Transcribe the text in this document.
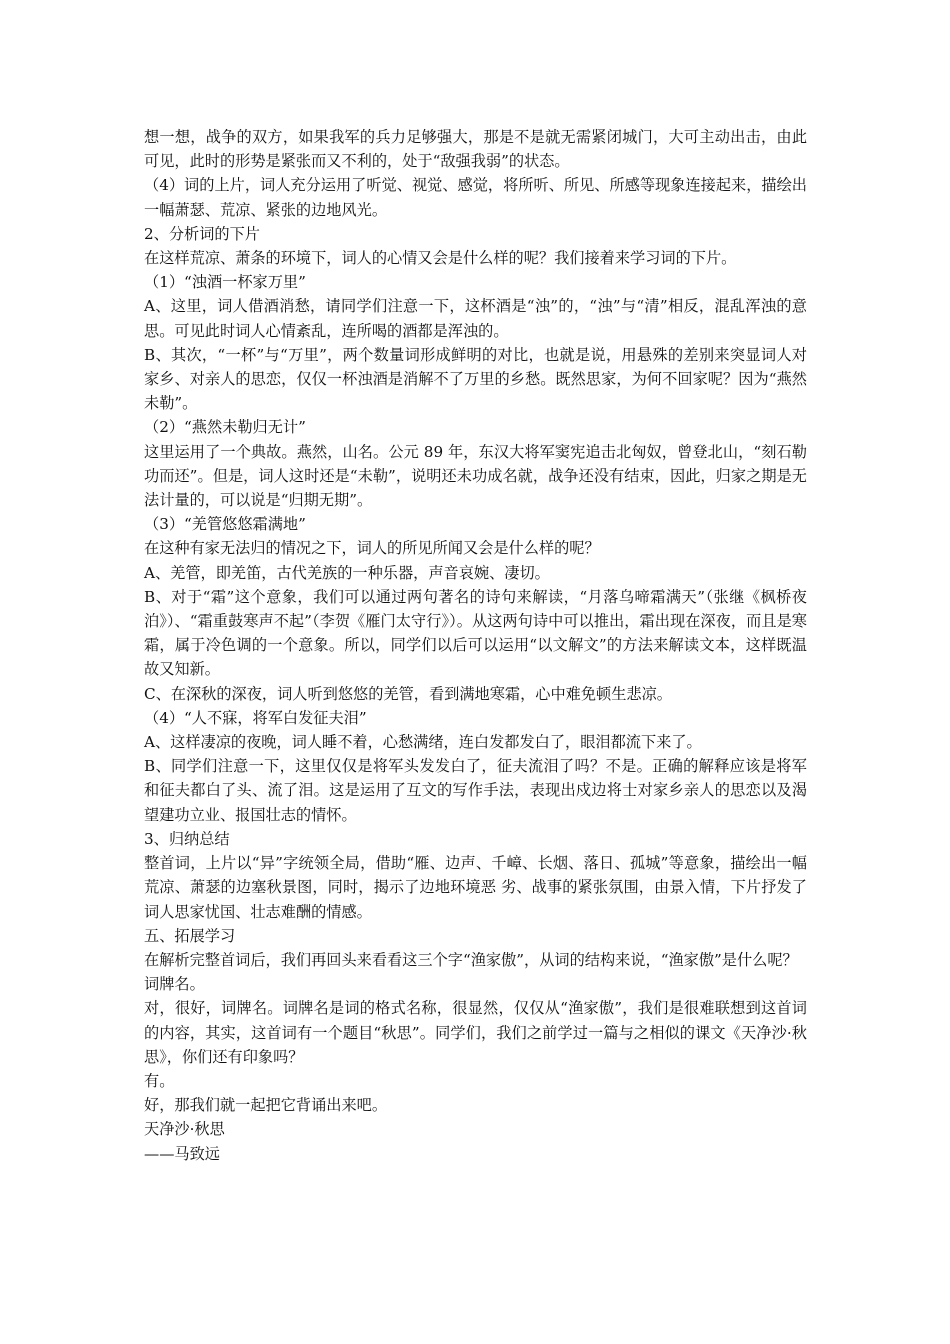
想一想，战争的双方，如果我军的兵力足够强大，那是不是就无需紧闭城门，大可主动出击，由此可见，此时的形势是紧张而又不利的，处于“敌强我弱”的状态。

（4）词的上片，词人充分运用了听觉、视觉、感觉，将所听、所见、所感等现象连接起来，描绘出一幅萧瑟、荒凉、紧张的边地风光。

2、分析词的下片

在这样荒凉、萧条的环境下，词人的心情又会是什么样的呢？我们接着来学习词的下片。

（1）“浊酒一杯家万里”

A、这里，词人借酒消愁，请同学们注意一下，这杯酒是“浊”的，“浊”与“清”相反，混乱浑浊的意思。可见此时词人心情紊乱，连所喝的酒都是浑浊的。

B、其次，“一杯”与“万里”，两个数量词形成鲜明的对比，也就是说，用悬殊的差别来突显词人对家乡、对亲人的思恋，仅仅一杯浊酒是消解不了万里的乡愁。既然思家，为何不回家呢？因为“燕然未勒”。

（2）“燕然未勒归无计”

这里运用了一个典故。燕然，山名。公元 89 年，东汉大将军窦宪追击北匈奴，曾登北山，“刻石勒功而还”。但是，词人这时还是“未勒”，说明还未功成名就，战争还没有结束，因此，归家之期是无法计量的，可以说是“归期无期”。

（3）“羌管悠悠霜满地”

在这种有家无法归的情况之下，词人的所见所闻又会是什么样的呢？

A、羌管，即羌笛，古代羌族的一种乐器，声音哀婉、凄切。

B、对于“霜”这个意象，我们可以通过两句著名的诗句来解读，“月落乌啼霜满天”（张继《枫桥夜泊》）、“霜重鼓寒声不起”（李贺《雁门太守行》）。从这两句诗中可以推出，霜出现在深夜，而且是寒霜，属于冷色调的一个意象。所以，同学们以后可以运用“以文解文”的方法来解读文本，这样既温故又知新。

C、在深秋的深夜，词人听到悠悠的羌管，看到满地寒霜，心中难免顿生悲凉。

（4）“人不寐，将军白发征夫泪”

A、这样凄凉的夜晚，词人睡不着，心愁满绪，连白发都发白了，眼泪都流下来了。

B、同学们注意一下，这里仅仅是将军头发发白了，征夫流泪了吗？不是。正确的解释应该是将军和征夫都白了头、流了泪。这是运用了互文的写作手法，表现出戍边将士对家乡亲人的思恋以及渴望建功立业、报国壮志的情怀。

3、归纳总结

整首词，上片以“异”字统领全局，借助“雁、边声、千嶂、长烟、落日、孤城”等意象，描绘出一幅荒凉、萧瑟的边塞秋景图，同时，揭示了边地环境恶 劣、战事的紧张氛围，由景入情，下片抒发了词人思家忧国、壮志难酬的情感。

五、拓展学习

在解析完整首词后，我们再回头来看看这三个字“渔家傲”，从词的结构来说，“渔家傲”是什么呢？

词牌名。

对，很好，词牌名。词牌名是词的格式名称，很显然，仅仅从“渔家傲”，我们是很难联想到这首词的内容，其实，这首词有一个题目“秋思”。同学们，我们之前学过一篇与之相似的课文《天净沙·秋思》，你们还有印象吗？

有。

好，那我们就一起把它背诵出来吧。

天净沙·秋思

——马致远
